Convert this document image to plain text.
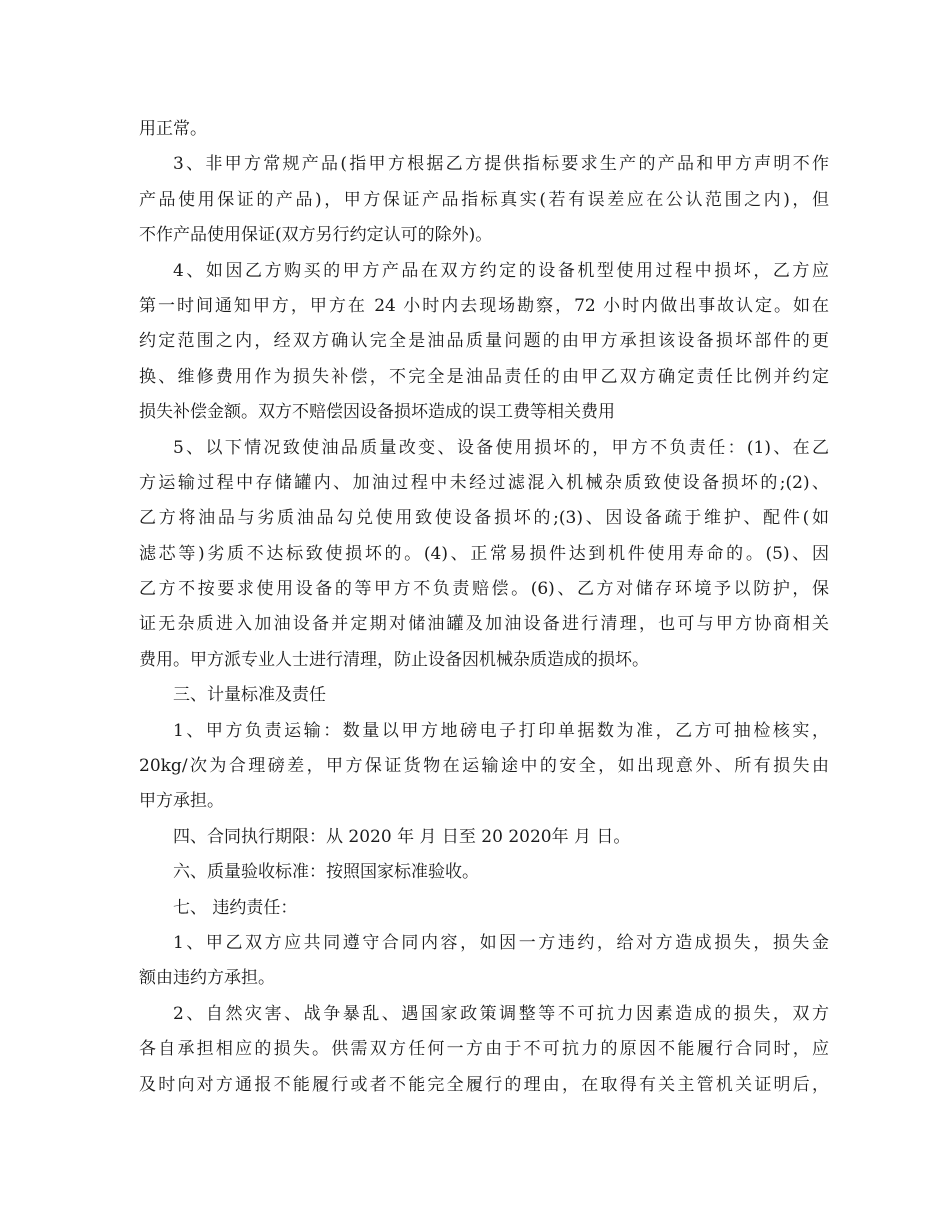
用正常。
3、非甲方常规产品(指甲方根据乙方提供指标要求生产的产品和甲方声明不作
产品使用保证的产品)，甲方保证产品指标真实(若有误差应在公认范围之内)，但
不作产品使用保证(双方另行约定认可的除外)。
4、如因乙方购买的甲方产品在双方约定的设备机型使用过程中损坏，乙方应
第一时间通知甲方，甲方在 24 小时内去现场勘察，72 小时内做出事故认定。如在
约定范围之内，经双方确认完全是油品质量问题的由甲方承担该设备损坏部件的更
换、维修费用作为损失补偿，不完全是油品责任的由甲乙双方确定责任比例并约定
损失补偿金额。双方不赔偿因设备损坏造成的误工费等相关费用
5、以下情况致使油品质量改变、设备使用损坏的，甲方不负责任：(1)、在乙
方运输过程中存储罐内、加油过程中未经过滤混入机械杂质致使设备损坏的;(2)、
乙方将油品与劣质油品勾兑使用致使设备损坏的;(3)、因设备疏于维护、配件(如
滤芯等)劣质不达标致使损坏的。(4)、正常易损件达到机件使用寿命的。(5)、因
乙方不按要求使用设备的等甲方不负责赔偿。(6)、乙方对储存环境予以防护，保
证无杂质进入加油设备并定期对储油罐及加油设备进行清理，也可与甲方协商相关
费用。甲方派专业人士进行清理，防止设备因机械杂质造成的损坏。
三、计量标准及责任
1、甲方负责运输：数量以甲方地磅电子打印单据数为准，乙方可抽检核实，
20kg/次为合理磅差，甲方保证货物在运输途中的安全，如出现意外、所有损失由
甲方承担。
四、合同执行期限：从 2020 年 月 日至 20 2020年 月 日。
六、质量验收标准：按照国家标准验收。
七、 违约责任：
1、甲乙双方应共同遵守合同内容，如因一方违约，给对方造成损失，损失金
额由违约方承担。
2、自然灾害、战争暴乱、遇国家政策调整等不可抗力因素造成的损失，双方
各自承担相应的损失。供需双方任何一方由于不可抗力的原因不能履行合同时，应
及时向对方通报不能履行或者不能完全履行的理由，在取得有关主管机关证明后，
